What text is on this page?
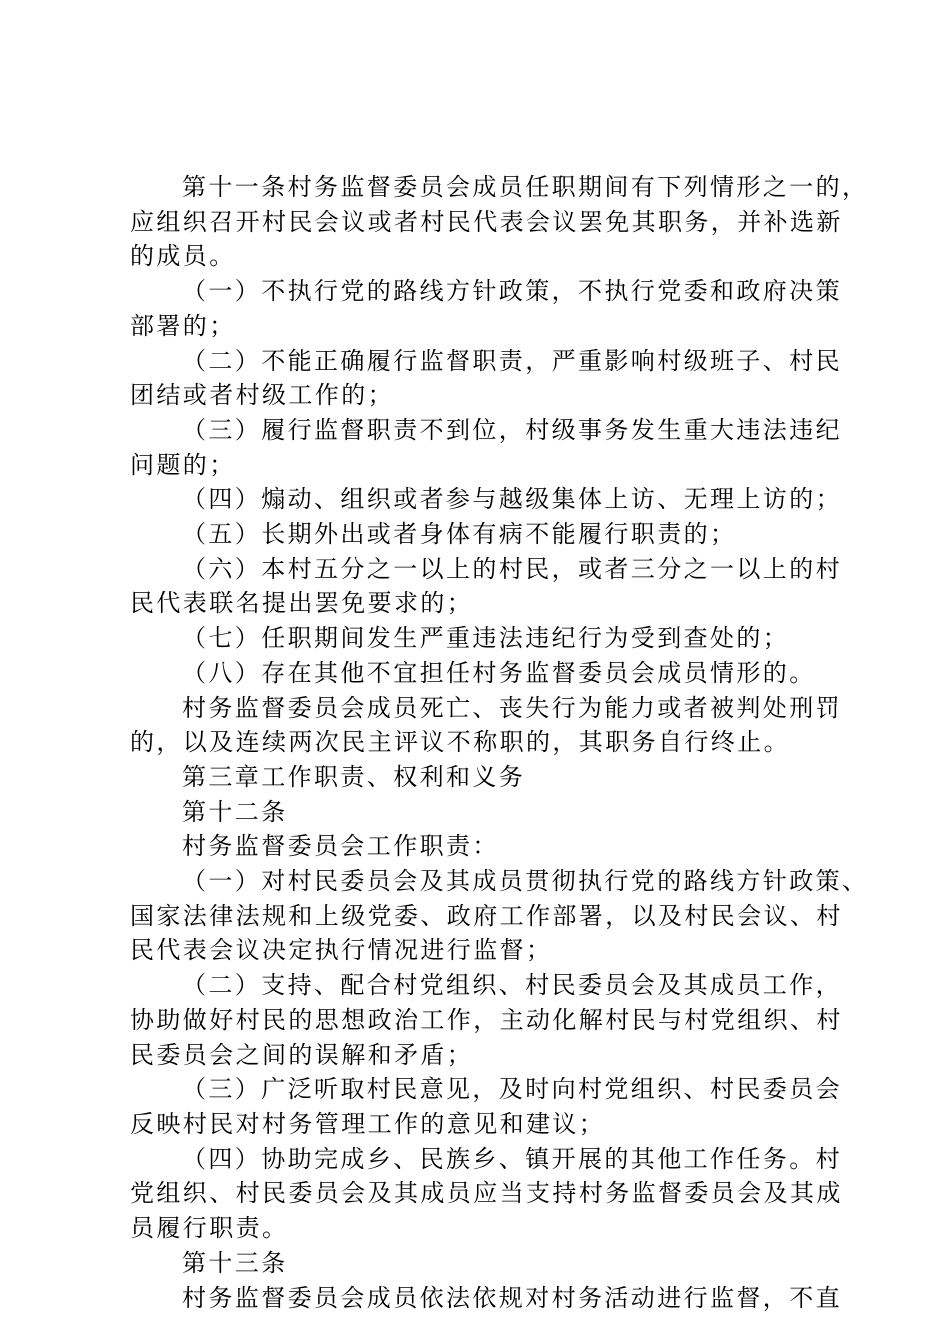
第十一条村务监督委员会成员任职期间有下列情形之一的，
应组织召开村民会议或者村民代表会议罢免其职务，并补选新
的成员。
（一）不执行党的路线方针政策，不执行党委和政府决策
部署的；
（二）不能正确履行监督职责，严重影响村级班子、村民
团结或者村级工作的；
（三）履行监督职责不到位，村级事务发生重大违法违纪
问题的；
（四）煽动、组织或者参与越级集体上访、无理上访的；
（五）长期外出或者身体有病不能履行职责的；
（六）本村五分之一以上的村民，或者三分之一以上的村
民代表联名提出罢免要求的；
（七）任职期间发生严重违法违纪行为受到查处的；
（八）存在其他不宜担任村务监督委员会成员情形的。
村务监督委员会成员死亡、丧失行为能力或者被判处刑罚
的，以及连续两次民主评议不称职的，其职务自行终止。
第三章工作职责、权利和义务
第十二条
村务监督委员会工作职责：
（一）对村民委员会及其成员贯彻执行党的路线方针政策、
国家法律法规和上级党委、政府工作部署，以及村民会议、村
民代表会议决定执行情况进行监督；
（二）支持、配合村党组织、村民委员会及其成员工作，
协助做好村民的思想政治工作，主动化解村民与村党组织、村
民委员会之间的误解和矛盾；
（三）广泛听取村民意见，及时向村党组织、村民委员会
反映村民对村务管理工作的意见和建议；
（四）协助完成乡、民族乡、镇开展的其他工作任务。村
党组织、村民委员会及其成员应当支持村务监督委员会及其成
员履行职责。
第十三条
村务监督委员会成员依法依规对村务活动进行监督，不直
